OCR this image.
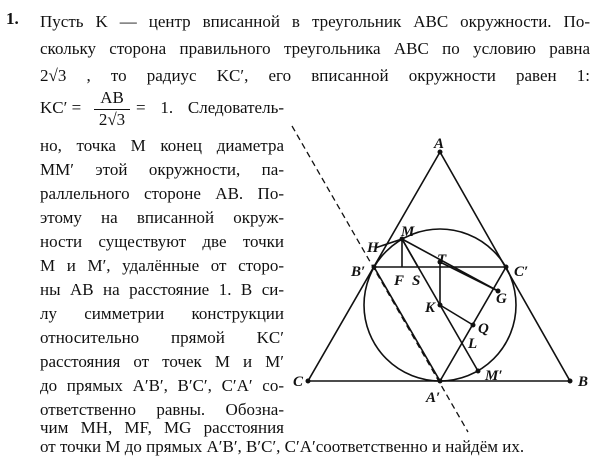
1. Пусть K — центр вписанной в треугольник ABC окружности. По-
скольку сторона правильного треугольника ABC по условию равна
2√3 , то радиус KC′, его вписанной окружности равен 1:
KC′ =
AB
2√3
= 1. Следователь-
но, точка M конец диаметра
MM′ этой окружности, па-
раллельного стороне AB. По-
этому на вписанной окруж-
ности существуют две точки
M и M′, удалённые от сторо-
ны AB на расстояние 1. В си-
лу симметрии конструкции
относительно прямой KC′
расстояния от точек M и M′
до прямых A′B′, B′C′, C′A′ со-
ответственно равны. Обозна-
чим MH, MF, MG расстояния
от точки M до прямых A′B′, B′C′, C′A′соответственно и найдём их.
A
B
C
B′	C′
A′
M
M′
H
F S
T
K
G
Q
L
